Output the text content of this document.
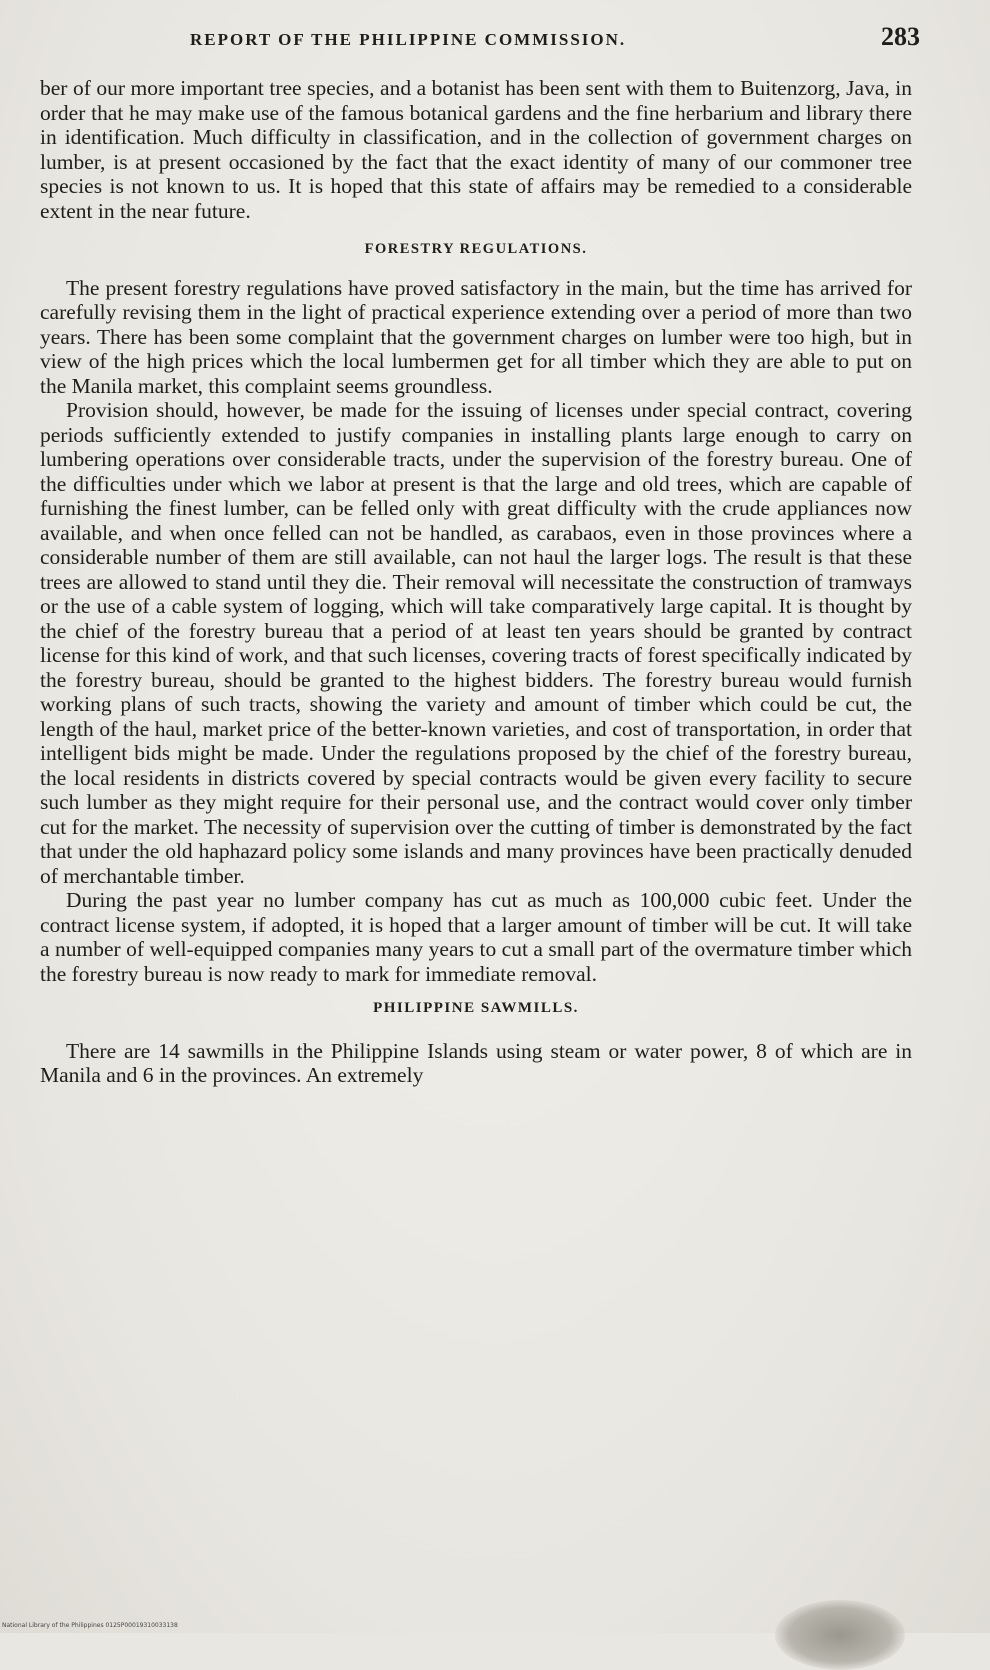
REPORT OF THE PHILIPPINE COMMISSION.	283

ber of our more important tree species, and a botanist has been sent with them to Buitenzorg, Java, in order that he may make use of the famous botanical gardens and the fine herbarium and library there in identification. Much difficulty in classification, and in the collection of government charges on lumber, is at present occasioned by the fact that the exact identity of many of our commoner tree species is not known to us. It is hoped that this state of affairs may be remedied to a considerable extent in the near future.

FORESTRY REGULATIONS.

The present forestry regulations have proved satisfactory in the main, but the time has arrived for carefully revising them in the light of practical experience extending over a period of more than two years. There has been some complaint that the government charges on lumber were too high, but in view of the high prices which the local lumbermen get for all timber which they are able to put on the Manila market, this complaint seems groundless.

Provision should, however, be made for the issuing of licenses under special contract, covering periods sufficiently extended to justify companies in installing plants large enough to carry on lumbering operations over considerable tracts, under the supervision of the forestry bureau. One of the difficulties under which we labor at present is that the large and old trees, which are capable of furnishing the finest lumber, can be felled only with great difficulty with the crude appliances now available, and when once felled can not be handled, as carabaos, even in those provinces where a considerable number of them are still available, can not haul the larger logs. The result is that these trees are allowed to stand until they die. Their removal will necessitate the construction of tramways or the use of a cable system of logging, which will take comparatively large capital. It is thought by the chief of the forestry bureau that a period of at least ten years should be granted by contract license for this kind of work, and that such licenses, covering tracts of forest specifically indicated by the forestry bureau, should be granted to the highest bidders. The forestry bureau would furnish working plans of such tracts, showing the variety and amount of timber which could be cut, the length of the haul, market price of the better-known varieties, and cost of transportation, in order that intelligent bids might be made. Under the regulations proposed by the chief of the forestry bureau, the local residents in districts covered by special contracts would be given every facility to secure such lumber as they might require for their personal use, and the contract would cover only timber cut for the market. The necessity of supervision over the cutting of timber is demonstrated by the fact that under the old haphazard policy some islands and many provinces have been practically denuded of merchantable timber.

During the past year no lumber company has cut as much as 100,000 cubic feet. Under the contract license system, if adopted, it is hoped that a larger amount of timber will be cut. It will take a number of well-equipped companies many years to cut a small part of the overmature timber which the forestry bureau is now ready to mark for immediate removal.

PHILIPPINE SAWMILLS.

There are 14 sawmills in the Philippine Islands using steam or water power, 8 of which are in Manila and 6 in the provinces. An extremely

National Library of the Philippines 0125P00019310033138
